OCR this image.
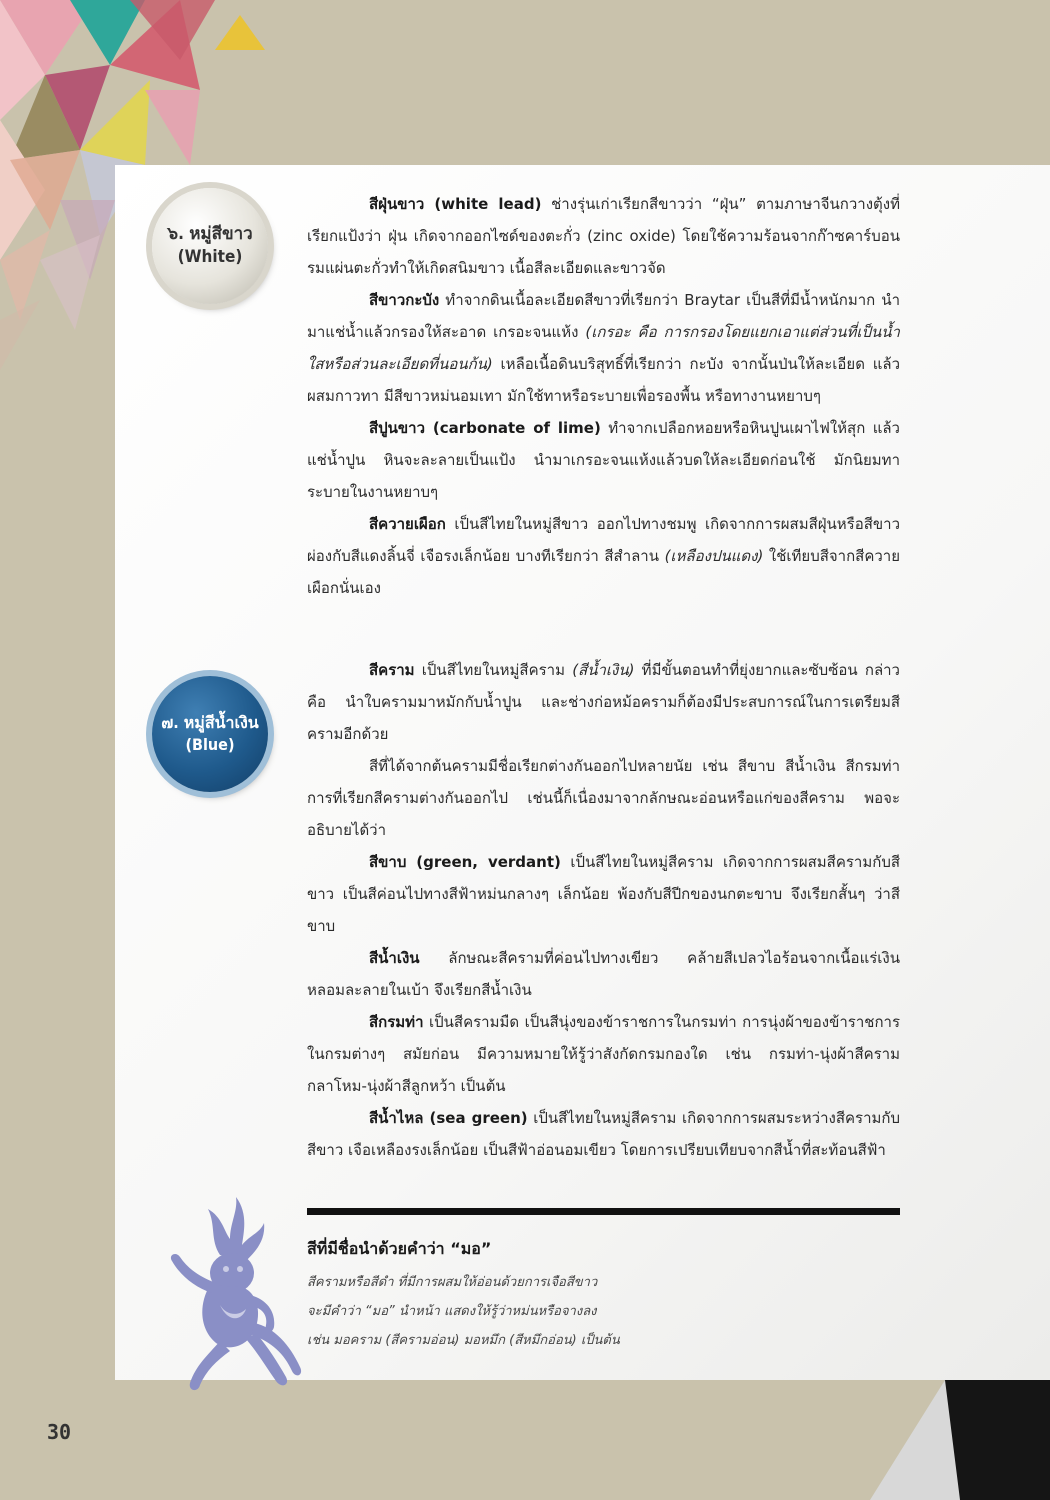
๖. หมู่สีขาว
(White)
๗. หมู่สีน้ำเงิน
(Blue)

สีฝุ่นขาว (white lead) ช่างรุ่นเก่าเรียกสีขาวว่า “ฝุ่น” ตามภาษาจีนกวางตุ้งที่เรียกแป้งว่า ฝุ่น เกิดจากออกไซด์ของตะกั่ว (zinc oxide) โดยใช้ความร้อนจากก๊าซคาร์บอน รมแผ่นตะกั่วทำให้เกิดสนิมขาว เนื้อสีละเอียดและขาวจัด

สีขาวกะบัง ทำจากดินเนื้อละเอียดสีขาวที่เรียกว่า Braytar เป็นสีที่มีน้ำหนักมาก นำมาแช่น้ำแล้วกรองให้สะอาด เกรอะจนแห้ง (เกรอะ คือ การกรองโดยแยกเอาแต่ส่วนที่เป็นน้ำใสหรือส่วนละเอียดที่นอนก้น) เหลือเนื้อดินบริสุทธิ์ที่เรียกว่า กะบัง จากนั้นป่นให้ละเอียด แล้วผสมกาวทา มีสีขาวหม่นอมเทา มักใช้ทาหรือระบายเพื่อรองพื้น หรือทางานหยาบๆ

สีปูนขาว (carbonate of lime) ทำจากเปลือกหอยหรือหินปูนเผาไฟให้สุก แล้วแช่น้ำปูน หินจะละลายเป็นแป้ง นำมาเกรอะจนแห้งแล้วบดให้ละเอียดก่อนใช้ มักนิยมทาระบายในงานหยาบๆ

สีควายเผือก เป็นสีไทยในหมู่สีขาว ออกไปทางชมพู เกิดจากการผสมสีฝุ่นหรือสีขาวผ่องกับสีแดงลิ้นจี่ เจือรงเล็กน้อย บางทีเรียกว่า สีสำลาน (เหลืองปนแดง) ใช้เทียบสีจากสีควายเผือกนั่นเอง

สีคราม เป็นสีไทยในหมู่สีคราม (สีน้ำเงิน) ที่มีขั้นตอนทำที่ยุ่งยากและซับซ้อน กล่าวคือ นำใบครามมาหมักกับน้ำปูน และช่างก่อหม้อครามก็ต้องมีประสบการณ์ในการเตรียมสีครามอีกด้วย

สีที่ได้จากต้นครามมีชื่อเรียกต่างกันออกไปหลายนัย เช่น สีขาบ สีน้ำเงิน สีกรมท่า การที่เรียกสีครามต่างกันออกไป เช่นนี้ก็เนื่องมาจากลักษณะอ่อนหรือแก่ของสีคราม พอจะอธิบายได้ว่า

สีขาบ (green, verdant) เป็นสีไทยในหมู่สีคราม เกิดจากการผสมสีครามกับสีขาว เป็นสีค่อนไปทางสีฟ้าหม่นกลางๆ เล็กน้อย พ้องกับสีปีกของนกตะขาบ จึงเรียกสั้นๆ ว่าสีขาบ

สีน้ำเงิน ลักษณะสีครามที่ค่อนไปทางเขียว คล้ายสีเปลวไอร้อนจากเนื้อแร่เงินหลอมละลายในเบ้า จึงเรียกสีน้ำเงิน

สีกรมท่า เป็นสีครามมืด เป็นสีนุ่งของข้าราชการในกรมท่า การนุ่งผ้าของข้าราชการในกรมต่างๆ สมัยก่อน มีความหมายให้รู้ว่าสังกัดกรมกองใด เช่น กรมท่า-นุ่งผ้าสีคราม กลาโหม-นุ่งผ้าสีลูกหว้า เป็นต้น

สีน้ำไหล (sea green) เป็นสีไทยในหมู่สีคราม เกิดจากการผสมระหว่างสีครามกับสีขาว เจือเหลืองรงเล็กน้อย เป็นสีฟ้าอ่อนอมเขียว โดยการเปรียบเทียบจากสีน้ำที่สะท้อนสีฟ้า

สีที่มีชื่อนำด้วยคำว่า “มอ”
สีครามหรือสีดำ ที่มีการผสมให้อ่อนด้วยการเจือสีขาว
จะมีคำว่า “มอ” นำหน้า แสดงให้รู้ว่าหม่นหรือจางลง
เช่น มอคราม (สีครามอ่อน) มอหมึก (สีหมึกอ่อน) เป็นต้น
30
